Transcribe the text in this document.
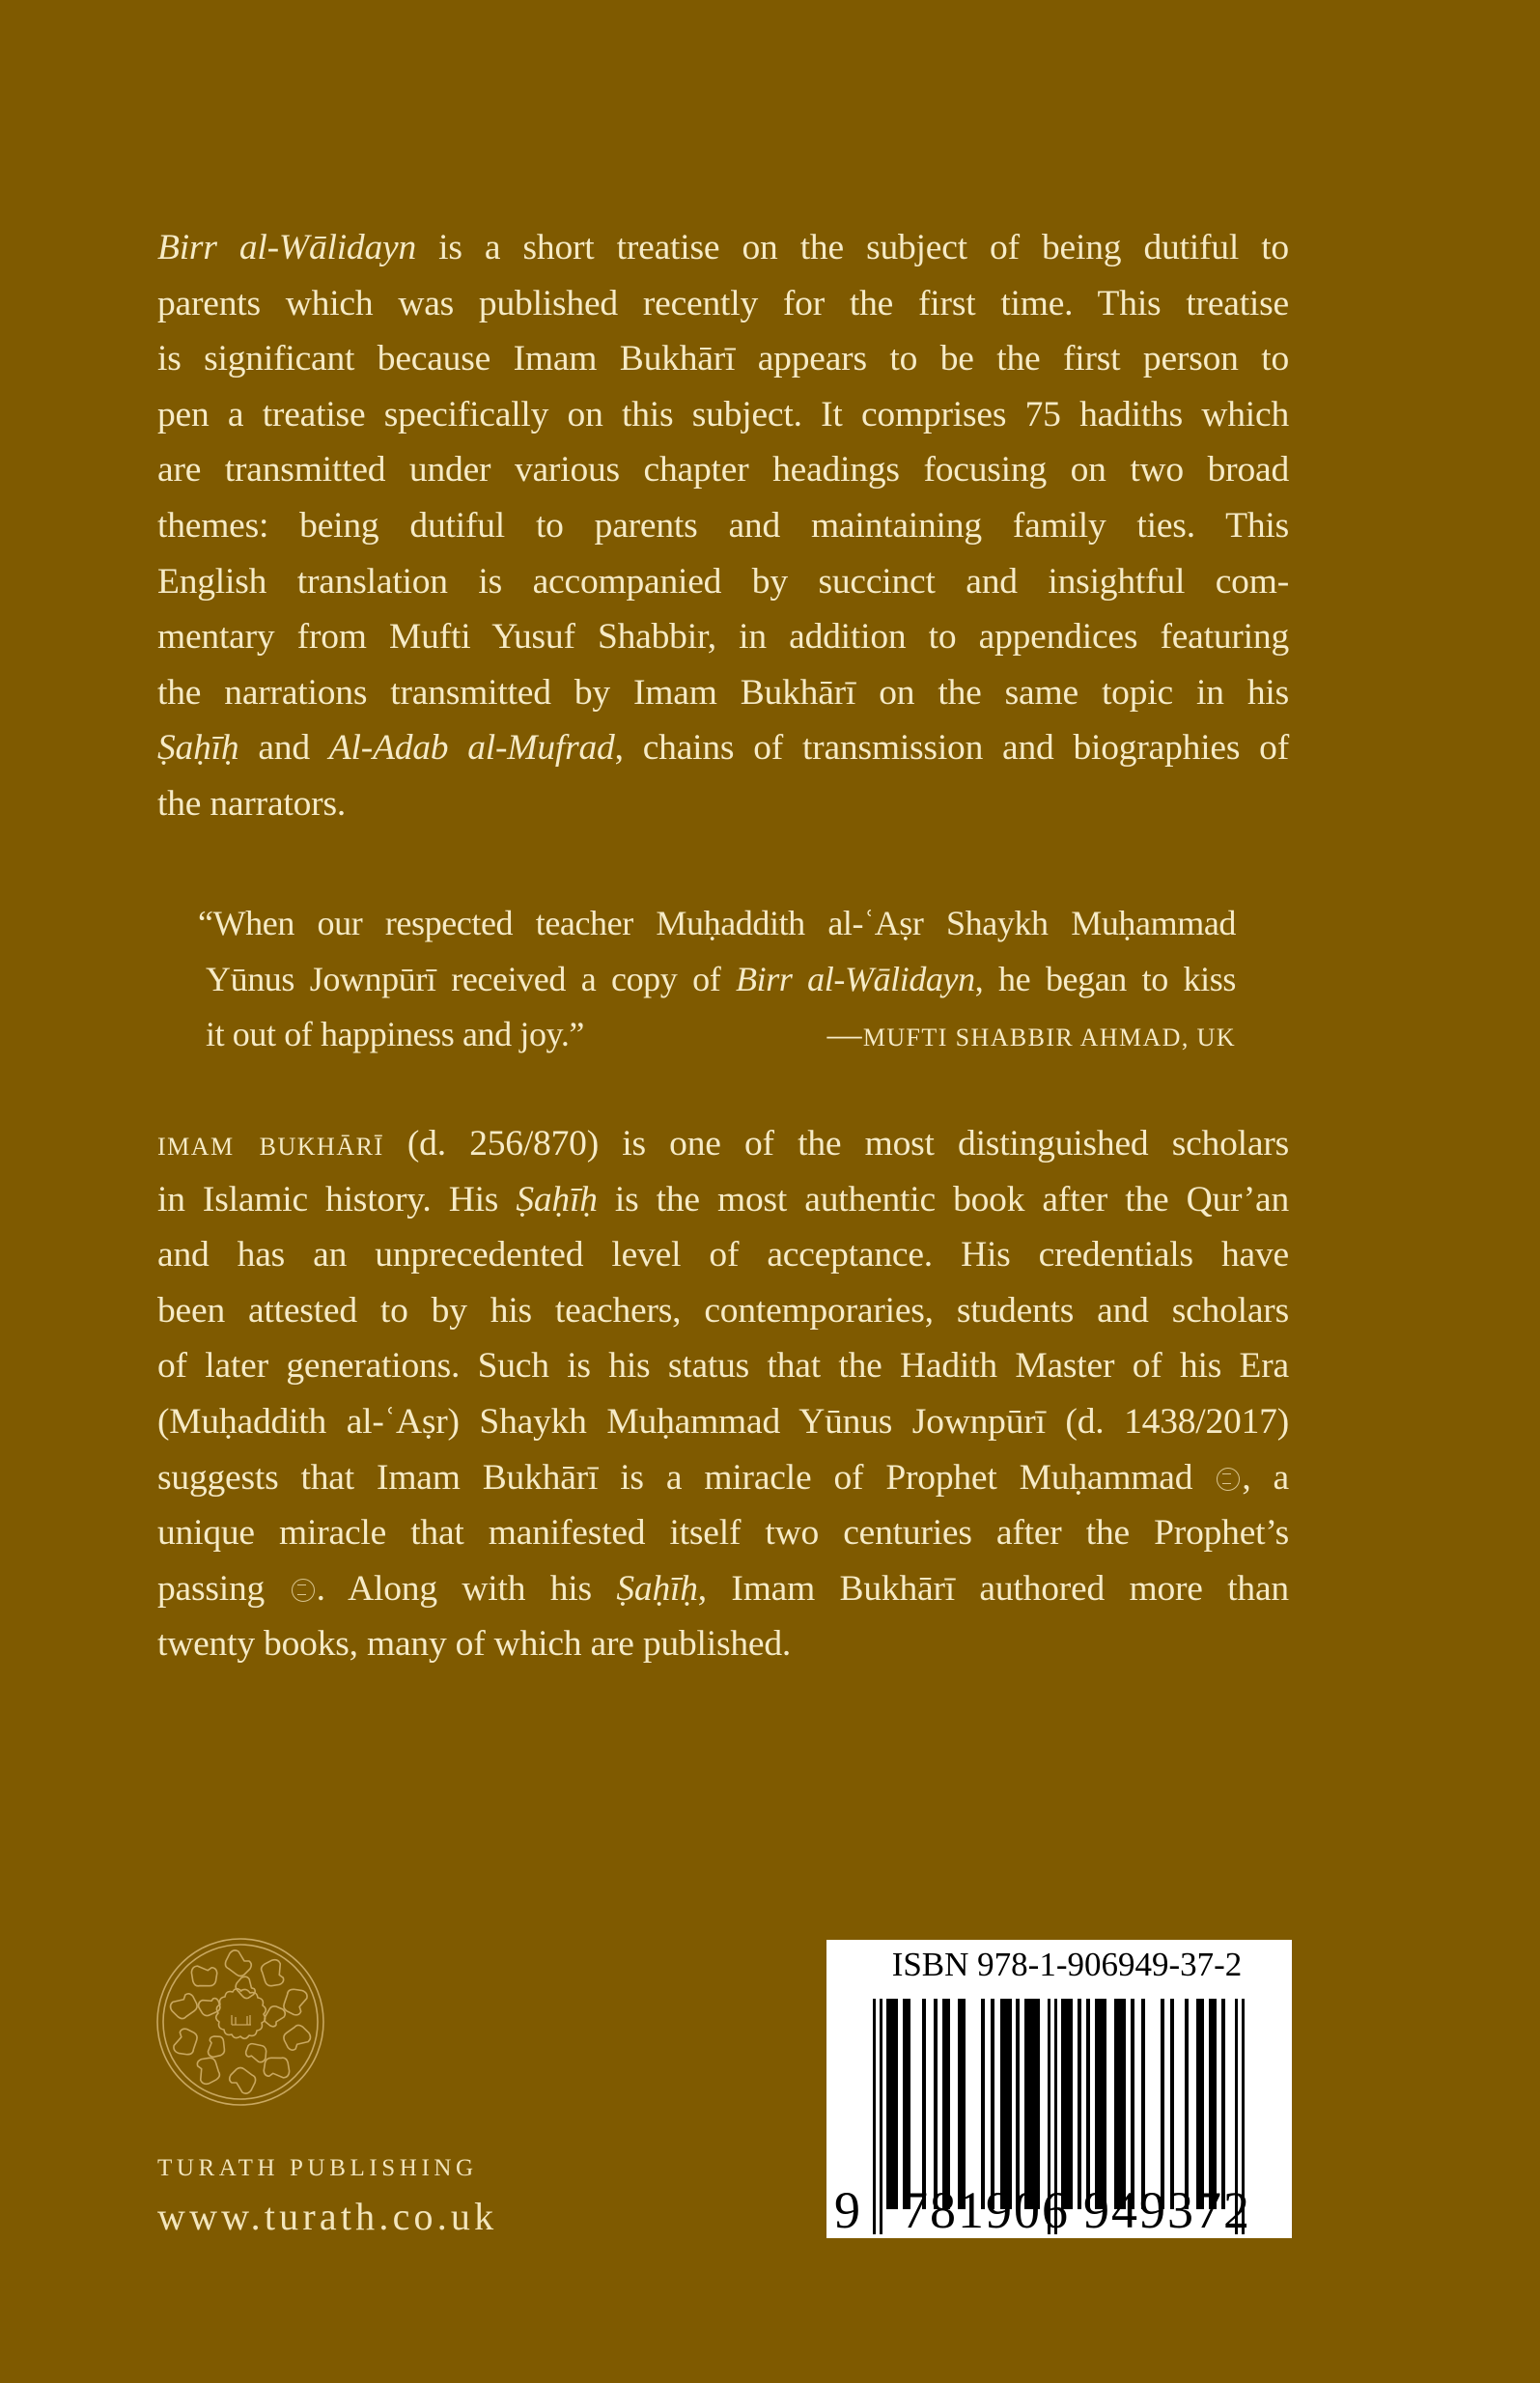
Birr al-Wālidayn is a short treatise on the subject of being dutiful to
parents which was published recently for the first time. This treatise
is significant because Imam Bukhārī appears to be the first person to
pen a treatise specifically on this subject. It comprises 75 hadiths which
are transmitted under various chapter headings focusing on two broad
themes: being dutiful to parents and maintaining family ties. This
English translation is accompanied by succinct and insightful com-
mentary from Mufti Yusuf Shabbir, in addition to appendices featuring
the narrations transmitted by Imam Bukhārī on the same topic in his
Ṣaḥīḥ and Al-Adab al-Mufrad, chains of transmission and biographies of
the narrators.
“When our respected teacher Muḥaddith al-ʿAṣr Shaykh Muḥammad
Yūnus Jownpūrī received a copy of Birr al-Wālidayn, he began to kiss
it out of happiness and joy.”	—MUFTI SHABBIR AHMAD, UK
imam bukhārī (d. 256/870) is one of the most distinguished scholars
in Islamic history. His Ṣaḥīḥ is the most authentic book after the Qur’an
and has an unprecedented level of acceptance. His credentials have
been attested to by his teachers, contemporaries, students and scholars
of later generations. Such is his status that the Hadith Master of his Era
(Muḥaddith al-ʿAṣr) Shaykh Muḥammad Yūnus Jownpūrī (d. 1438/2017)
suggests that Imam Bukhārī is a miracle of Prophet Muḥammad , a
unique miracle that manifested itself two centuries after the Prophet’s
passing . Along with his Ṣaḥīḥ, Imam Bukhārī authored more than
twenty books, many of which are published.
TURATH PUBLISHING
www.turath.co.uk
ISBN 978-1-906949-37-2
9 7 8 1 9 0 6 9 4 9 3 7 2
